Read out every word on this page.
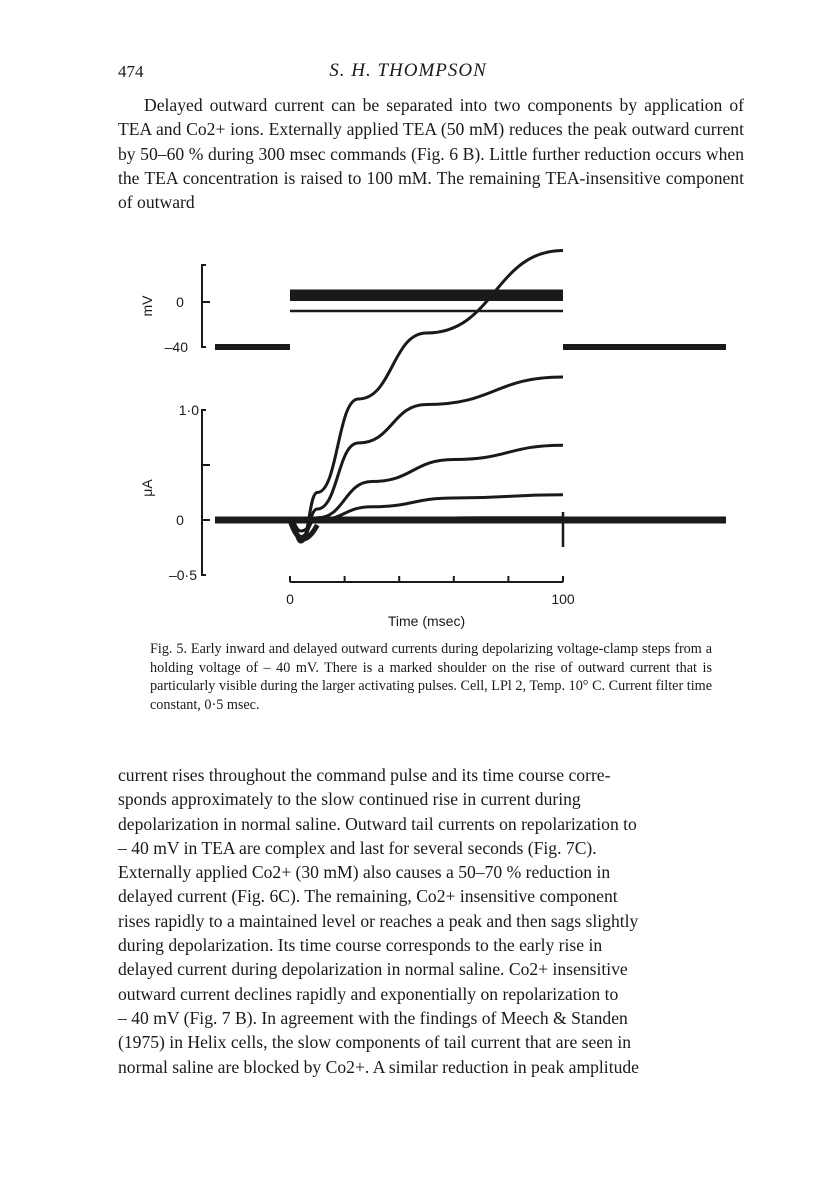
474	S. H. THOMPSON
Delayed outward current can be separated into two components by application of TEA and Co2+ ions. Externally applied TEA (50 mM) reduces the peak outward current by 50–60 % during 300 msec commands (Fig. 6 B). Little further reduction occurs when the TEA concentration is raised to 100 mM. The remaining TEA-insensitive component of outward
0
–40
mV
1·0
0
–0·5
μA
0	100
Time (msec)
Fig. 5. Early inward and delayed outward currents during depolarizing voltage-clamp steps from a holding voltage of – 40 mV. There is a marked shoulder on the rise of outward current that is particularly visible during the larger activating pulses. Cell, LPl 2, Temp. 10° C. Current filter time constant, 0·5 msec.

current rises throughout the command pulse and its time course corre-

sponds approximately to the slow continued rise in current during

depolarization in normal saline. Outward tail currents on repolarization to

– 40 mV in TEA are complex and last for several seconds (Fig. 7C).

Externally applied Co2+ (30 mM) also causes a 50–70 % reduction in

delayed current (Fig. 6C). The remaining, Co2+ insensitive component

rises rapidly to a maintained level or reaches a peak and then sags slightly

during depolarization. Its time course corresponds to the early rise in

delayed current during depolarization in normal saline. Co2+ insensitive

outward current declines rapidly and exponentially on repolarization to

– 40 mV (Fig. 7 B). In agreement with the findings of Meech & Standen

(1975) in Helix cells, the slow components of tail current that are seen in

normal saline are blocked by Co2+. A similar reduction in peak amplitude
